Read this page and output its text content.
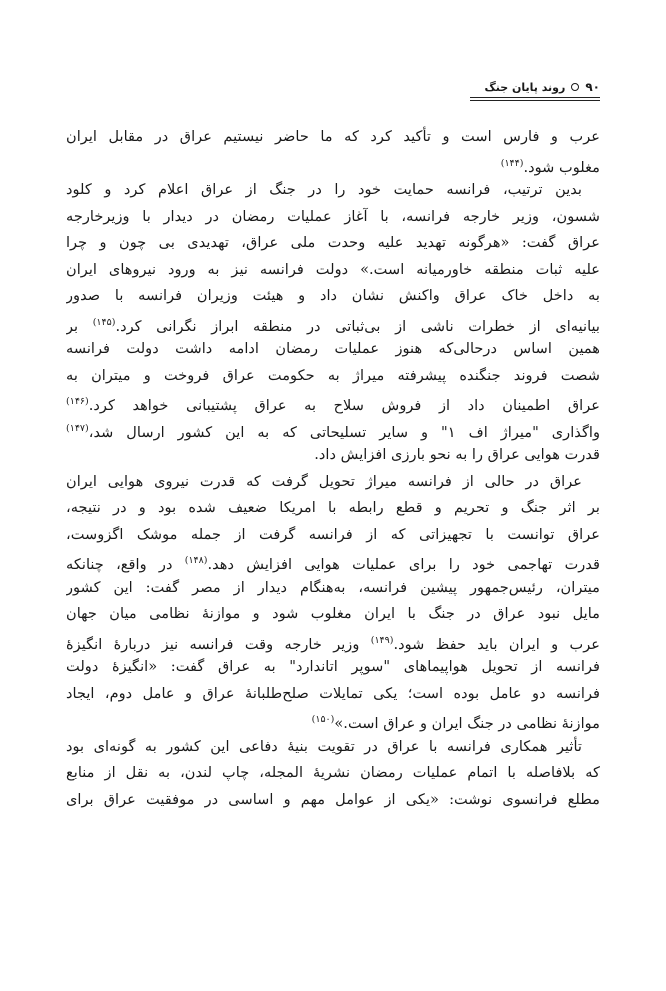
۹۰
روند پایان جنگ
عرب و فارس است و تأکید کرد که ما حاضر نیستیم عراق در مقابل ایران
مغلوب شود.$^{(۱۴۴)}$
بدین ترتیب، فرانسه حمایت خود را در جنگ از عراق اعلام کرد و کلود
شسون، وزیر خارجه فرانسه، با آغاز عملیات رمضان در دیدار با وزیرخارجه
عراق گفت: «هرگونه تهدید علیه وحدت ملی عراق، تهدیدی بی چون و چرا
علیه ثبات منطقه خاورمیانه است.» دولت فرانسه نیز به ورود نیروهای ایران
به داخل خاک عراق واکنش نشان داد و هیئت وزیران فرانسه با صدور
بیانیه‌ای از خطرات ناشی از بی‌ثباتی در منطقه ابراز نگرانی کرد.$^{(۱۴۵)}$ بر
همین اساس درحالی‌که هنوز عملیات رمضان ادامه داشت دولت فرانسه
شصت فروند جنگنده پیشرفته میراژ به حکومت عراق فروخت و میتران به
عراق اطمینان داد از فروش سلاح به عراق پشتیبانی خواهد کرد.$^{(۱۴۶)}$
واگذاری "میراژ اف ۱" و سایر تسلیحاتی که به این کشور ارسال شد،$^{(۱۴۷)}$
قدرت هوایی عراق را به نحو بارزی افزایش داد.
عراق در حالی از فرانسه میراژ تحویل گرفت که قدرت نیروی هوایی ایران
بر اثر جنگ و تحریم و قطع رابطه با امریکا ضعیف شده بود و در نتیجه،
عراق توانست با تجهیزاتی که از فرانسه گرفت از جمله موشک اگزوست،
قدرت تهاجمی خود را برای عملیات هوایی افزایش دهد.$^{(۱۴۸)}$ در واقع، چنانکه
میتران، رئیس‌جمهور پیشین فرانسه، به‌هنگام دیدار از مصر گفت: این کشور
مایل نبود عراق در جنگ با ایران مغلوب شود و موازنهٔ نظامی میان جهان
عرب و ایران باید حفظ شود.$^{(۱۴۹)}$ وزیر خارجه وقت فرانسه نیز دربارهٔ انگیزهٔ
فرانسه از تحویل هواپیماهای "سوپر اتاندارد" به عراق گفت: «انگیزهٔ دولت
فرانسه دو عامل بوده است؛ یکی تمایلات صلح‌طلبانهٔ عراق و عامل دوم، ایجاد
موازنهٔ نظامی در جنگ ایران و عراق است.»$^{(۱۵۰)}$
تأثیر همکاری فرانسه با عراق در تقویت بنیهٔ دفاعی این کشور به گونه‌ای بود
که بلافاصله با اتمام عملیات رمضان نشریهٔ المجله، چاپ لندن، به نقل از منابع
مطلع فرانسوی نوشت: «یکی از عوامل مهم و اساسی در موفقیت عراق برای
